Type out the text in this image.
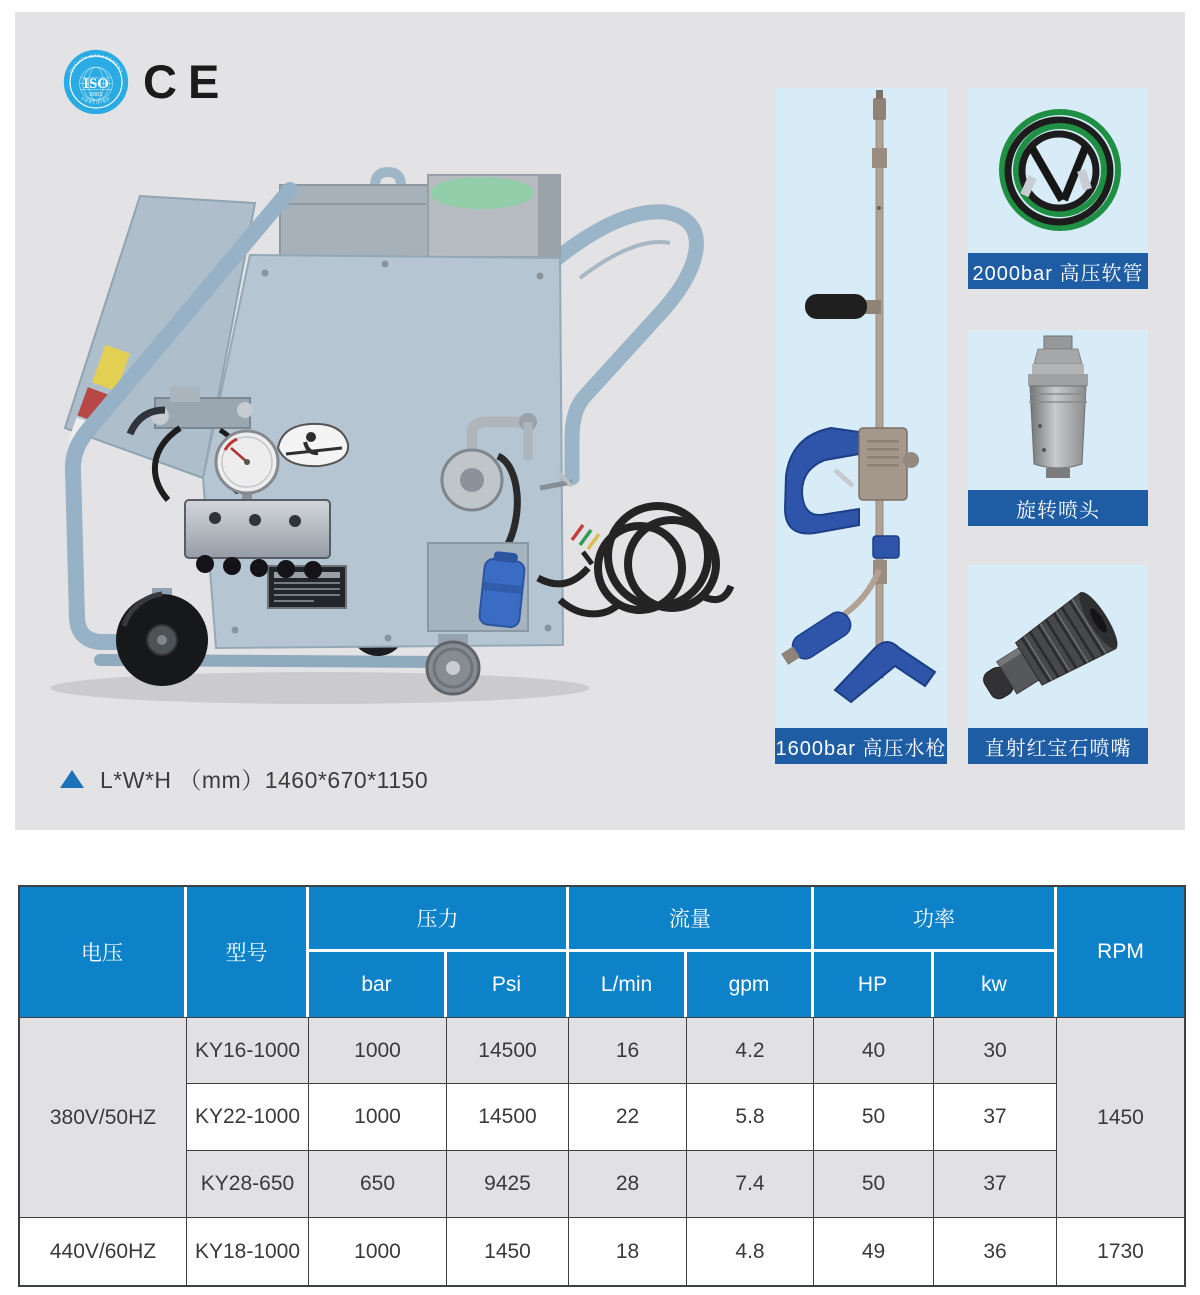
ISO
9001
QUALITY MANAGEMENT
CERTIFIED CE
1600bar 高压水枪
2000bar 高压软管
旋转喷头
直射红宝石喷嘴
L*W*H （mm）1460*670*1150
电压	型号	压力		流量		功率		RPM
		bar	Psi	L/min	gpm	HP	kw	
380V/50HZ	KY16-1000	1000	14500	16	4.2	40	30	1450
	KY22-1000	1000	14500	22	5.8	50	37	
	KY28-650	650	9425	28	7.4	50	37	
440V/60HZ	KY18-1000	1000	1450	18	4.8	49	36	1730
